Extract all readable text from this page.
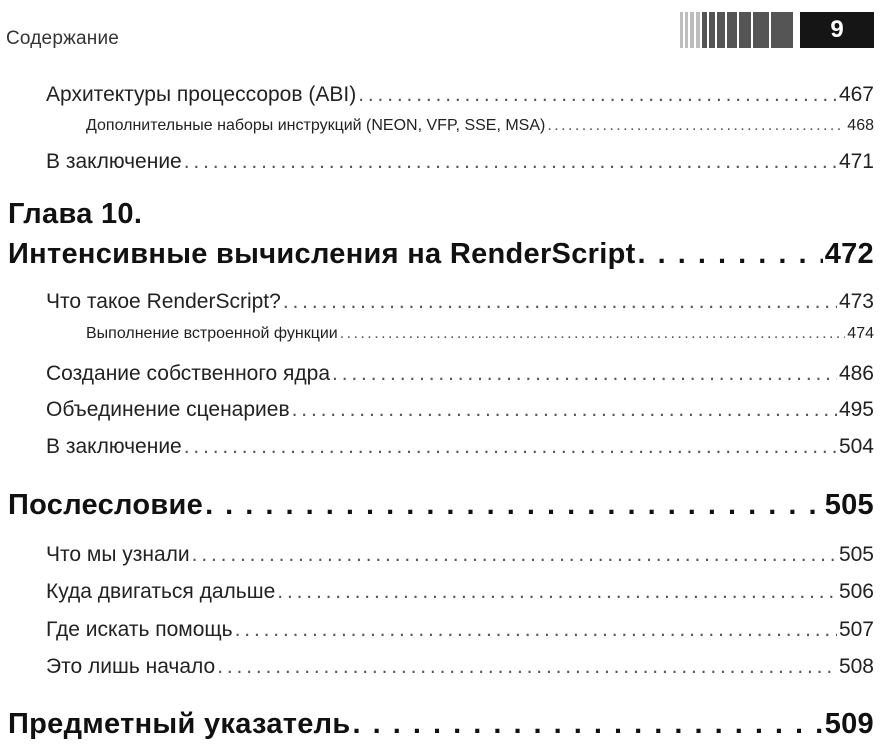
Содержание	9
Архитектуры процессоров (ABI) . . .	467
Дополнительные наборы инструкций (NEON, VFP, SSE, MSA) . . .	468
В заключение . . .	471
Глава 10.
Интенсивные вычисления на RenderScript . . .	472
Что такое RenderScript? . . .	473
Выполнение встроенной функции . . .	474
Создание собственного ядра . . .	486
Объединение сценариев . . .	495
В заключение . . .	504
Послесловие . . .	505
Что мы узнали . . .	505
Куда двигаться дальше . . .	506
Где искать помощь . . .	507
Это лишь начало . . .	508
Предметный указатель . . .	509
